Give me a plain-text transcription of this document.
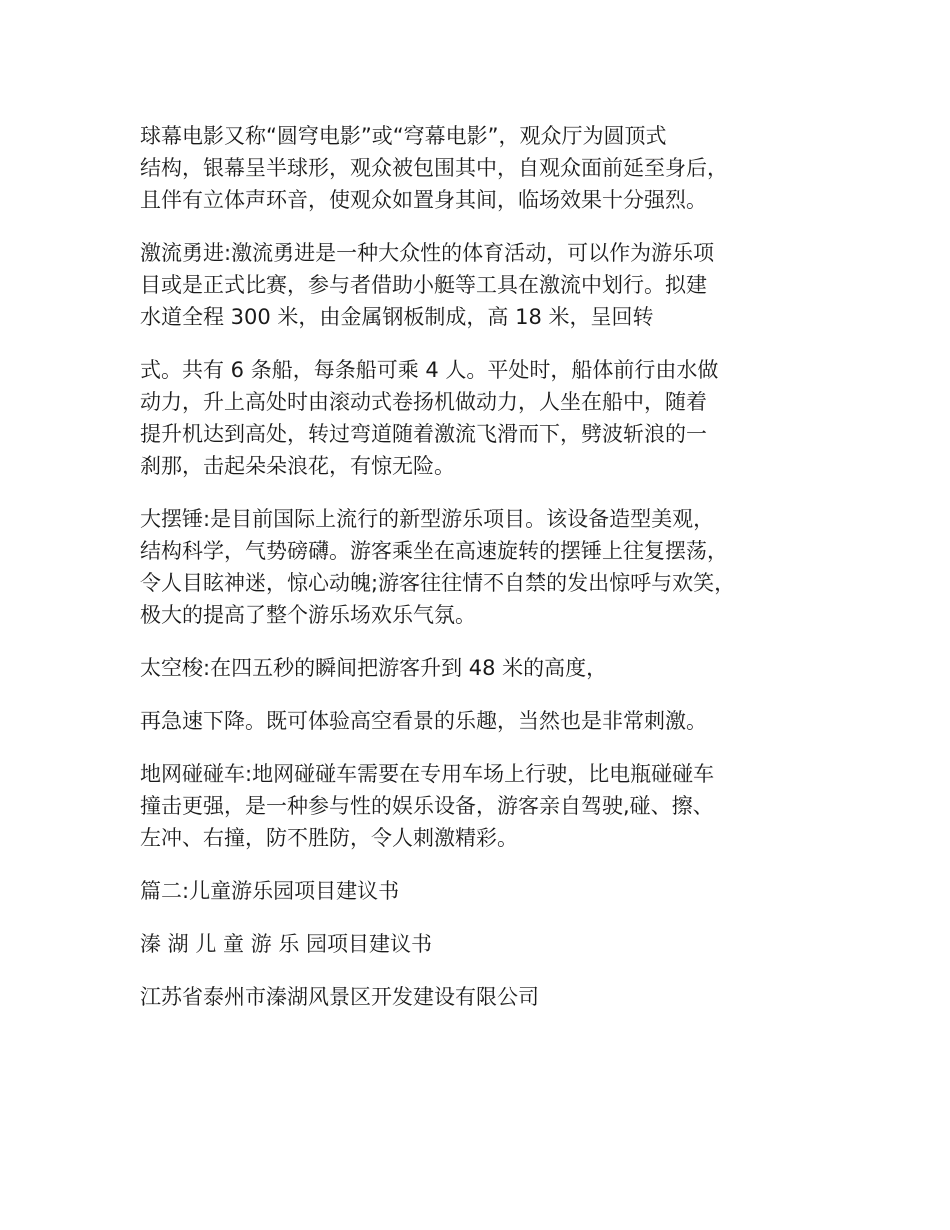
球幕电影又称“圆穹电影”或“穹幕电影”，观众厅为圆顶式
结构，银幕呈半球形，观众被包围其中，自观众面前延至身后，
且伴有立体声环音，使观众如置身其间，临场效果十分强烈。

激流勇进:激流勇进是一种大众性的体育活动，可以作为游乐项
目或是正式比赛，参与者借助小艇等工具在激流中划行。拟建
水道全程 300 米，由金属钢板制成，高 18 米，呈回转

式。共有 6 条船，每条船可乘 4 人。平处时，船体前行由水做
动力，升上高处时由滚动式卷扬机做动力，人坐在船中，随着
提升机达到高处，转过弯道随着激流飞滑而下，劈波斩浪的一
刹那，击起朵朵浪花，有惊无险。

大摆锤:是目前国际上流行的新型游乐项目。该设备造型美观，
结构科学，气势磅礴。游客乘坐在高速旋转的摆锤上往复摆荡，
令人目眩神迷，惊心动魄;游客往往情不自禁的发出惊呼与欢笑，
极大的提高了整个游乐场欢乐气氛。

太空梭:在四五秒的瞬间把游客升到 48 米的高度，

再急速下降。既可体验高空看景的乐趣，当然也是非常刺激。

地网碰碰车:地网碰碰车需要在专用车场上行驶，比电瓶碰碰车
撞击更强，是一种参与性的娱乐设备，游客亲自驾驶,碰、擦、
左冲、右撞，防不胜防，令人刺激精彩。

篇二:儿童游乐园项目建议书

溱 湖 儿 童 游 乐 园项目建议书

江苏省泰州市溱湖风景区开发建设有限公司
